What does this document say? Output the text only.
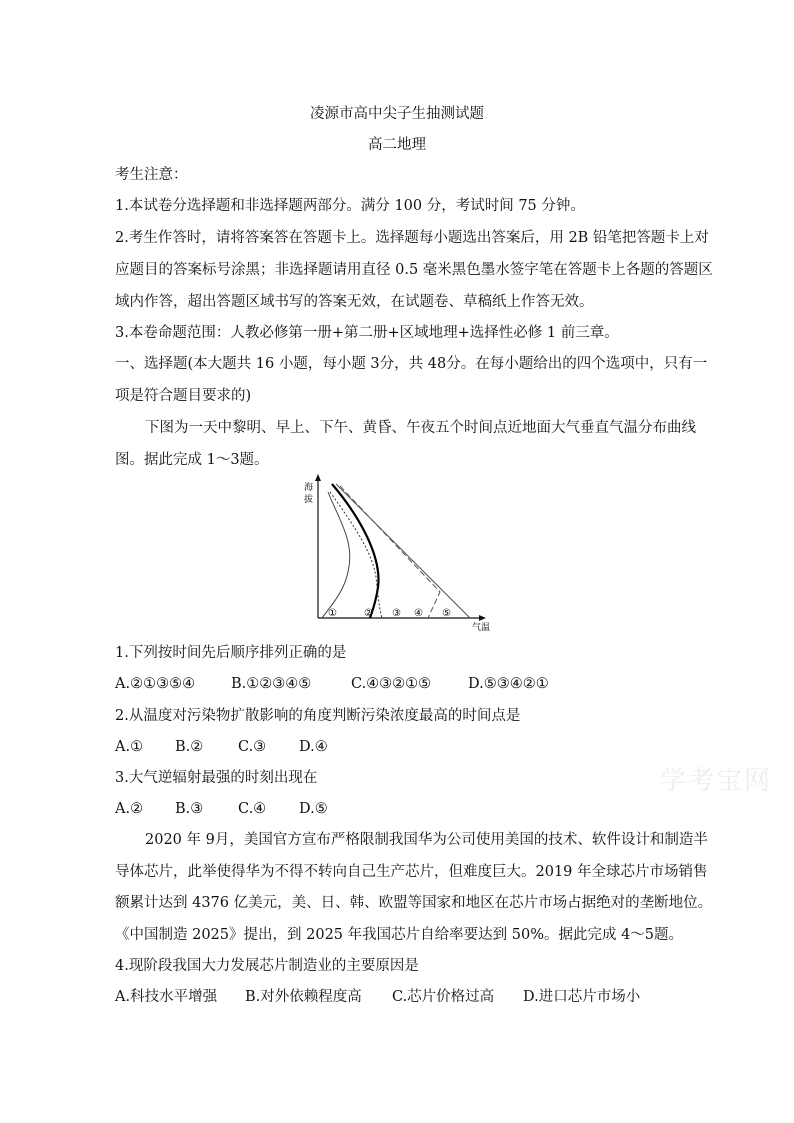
凌源市高中尖子生抽测试题
高二地理
考生注意：
1.本试卷分选择题和非选择题两部分。满分 100 分，考试时间 75 分钟。
2.考生作答时，请将答案答在答题卡上。选择题每小题选出答案后，用 2B 铅笔把答题卡上对
应题目的答案标号涂黑；非选择题请用直径 0.5 毫米黑色墨水签字笔在答题卡上各题的答题区
域内作答，超出答题区域书写的答案无效，在试题卷、草稿纸上作答无效。
3.本卷命题范围：人教必修第一册+第二册+区域地理+选择性必修 1 前三章。
一、选择题(本大题共 16 小题，每小题 3分，共 48分。在每小题给出的四个选项中，只有一
项是符合题目要求的)
下图为一天中黎明、早上、下午、黄昏、午夜五个时间点近地面大气垂直气温分布曲线
图。据此完成 1～3题。
海
拔
气温
①	② ③ ④ ⑤
1.下列按时间先后顺序排列正确的是
A.②①③⑤④ B.①②③④⑤	C.④③②①⑤	D.⑤③④②①
2.从温度对污染物扩散影响的角度判断污染浓度最高的时间点是
A.① B.② C.③ D.④
3.大气逆辐射最强的时刻出现在
A.② B.③ C.④ D.⑤
学考宝网
2020 年 9月，美国官方宣布严格限制我国华为公司使用美国的技术、软件设计和制造半
导体芯片，此举使得华为不得不转向自己生产芯片，但难度巨大。2019 年全球芯片市场销售
额累计达到 4376 亿美元，美、日、韩、欧盟等国家和地区在芯片市场占据绝对的垄断地位。
《中国制造 2025》提出，到 2025 年我国芯片自给率要达到 50%。据此完成 4～5题。
4.现阶段我国大力发展芯片制造业的主要原因是
A.科技水平增强 B.对外依赖程度高 C.芯片价格过高 D.进口芯片市场小
